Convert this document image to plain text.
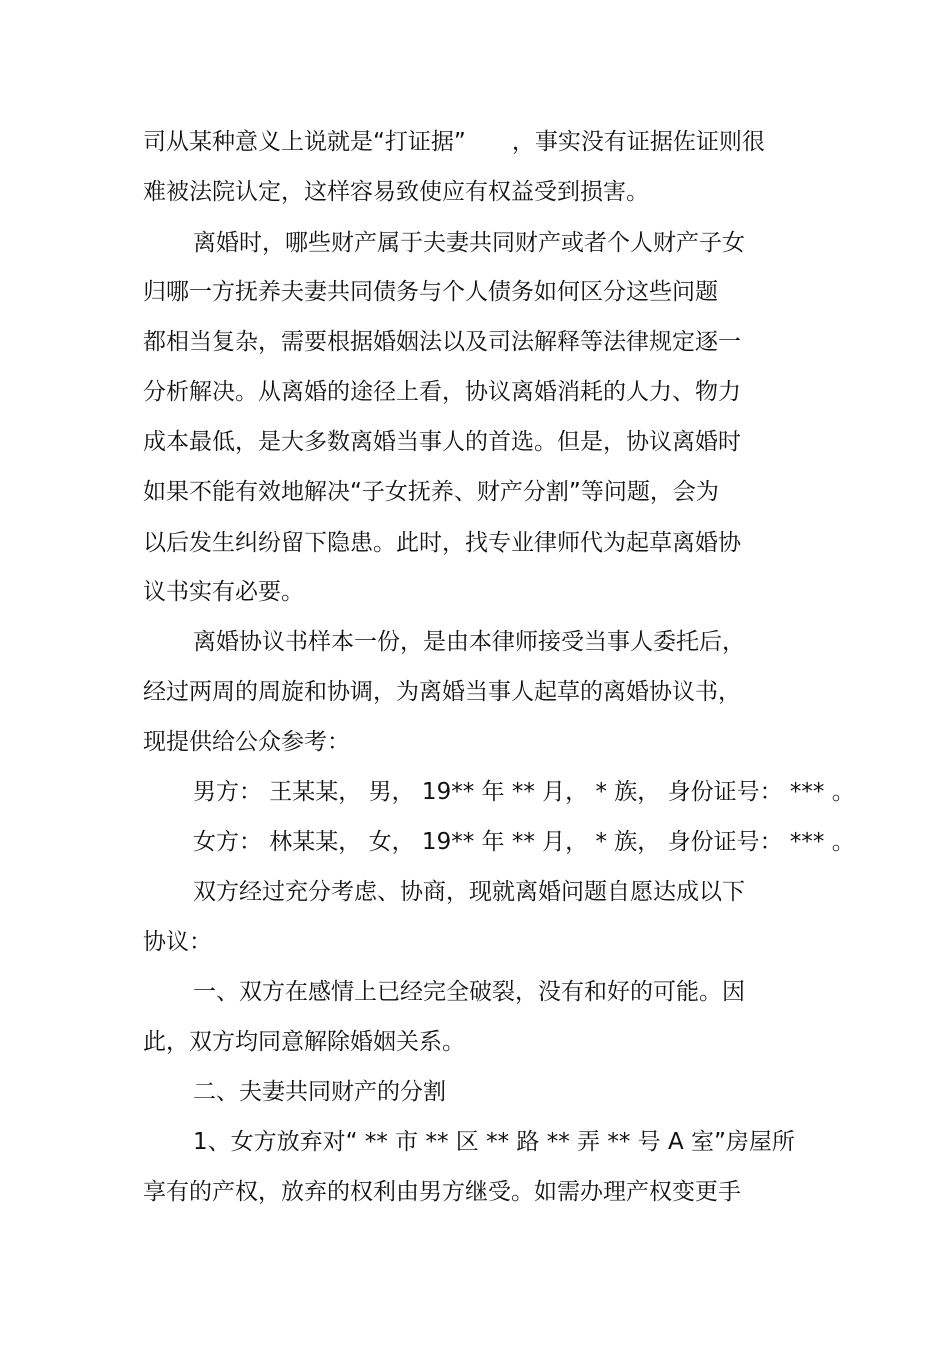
司从某种意义上说就是“打证据”　　，事实没有证据佐证则很

难被法院认定，这样容易致使应有权益受到损害。

离婚时，哪些财产属于夫妻共同财产或者个人财产子女

归哪一方抚养夫妻共同债务与个人债务如何区分这些问题

都相当复杂，需要根据婚姻法以及司法解释等法律规定逐一

分析解决。从离婚的途径上看，协议离婚消耗的人力、物力

成本最低，是大多数离婚当事人的首选。但是，协议离婚时

如果不能有效地解决“子女抚养、财产分割”等问题，会为

以后发生纠纷留下隐患。此时，找专业律师代为起草离婚协

议书实有必要。

离婚协议书样本一份，是由本律师接受当事人委托后，

经过两周的周旋和协调，为离婚当事人起草的离婚协议书，

现提供给公众参考：

男方： 王某某， 男， 19** 年 ** 月， * 族， 身份证号： *** 。

女方： 林某某， 女， 19** 年 ** 月， * 族， 身份证号： *** 。

双方经过充分考虑、协商，现就离婚问题自愿达成以下

协议：

一、双方在感情上已经完全破裂，没有和好的可能。因

此，双方均同意解除婚姻关系。

二、夫妻共同财产的分割

1、女方放弃对“ ** 市 ** 区 ** 路 ** 弄 ** 号 A 室”房屋所

享有的产权，放弃的权利由男方继受。如需办理产权变更手
